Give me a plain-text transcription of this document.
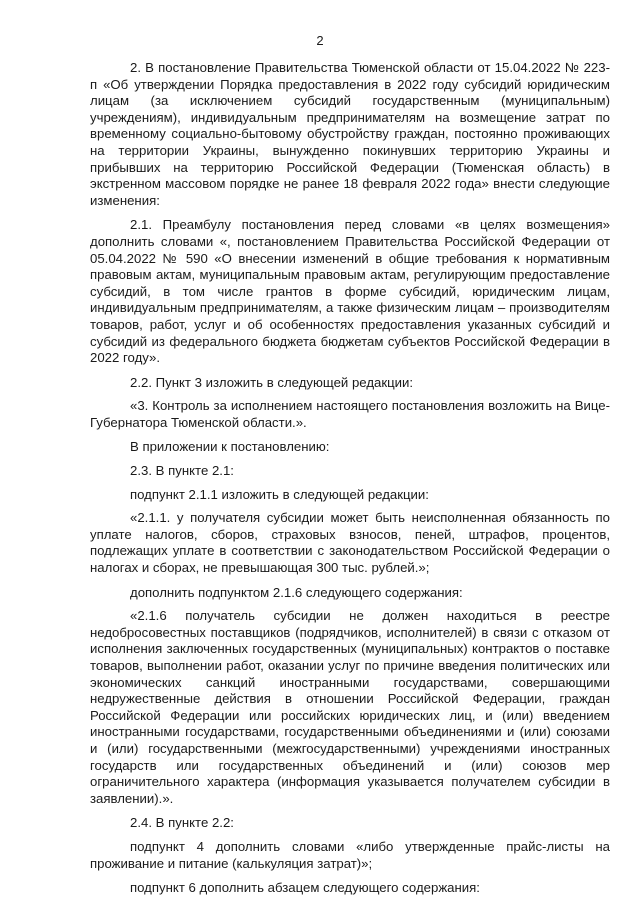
2

2. В постановление Правительства Тюменской области от 15.04.2022 № 223-п «Об утверждении Порядка предоставления в 2022 году субсидий юридическим лицам (за исключением субсидий государственным (муниципальным) учреждениям), индивидуальным предпринимателям на возмещение затрат по временному социально-бытовому обустройству граждан, постоянно проживающих на территории Украины, вынужденно покинувших территорию Украины и прибывших на территорию Российской Федерации (Тюменская область) в экстренном массовом порядке не ранее 18 февраля 2022 года» внести следующие изменения:

2.1. Преамбулу постановления перед словами «в целях возмещения» дополнить словами «, постановлением Правительства Российской Федерации от 05.04.2022 № 590 «О внесении изменений в общие требования к нормативным правовым актам, муниципальным правовым актам, регулирующим предоставление субсидий, в том числе грантов в форме субсидий, юридическим лицам, индивидуальным предпринимателям, а также физическим лицам – производителям товаров, работ, услуг и об особенностях предоставления указанных субсидий и субсидий из федерального бюджета бюджетам субъектов Российской Федерации в 2022 году».

2.2. Пункт 3 изложить в следующей редакции:

«3. Контроль за исполнением настоящего постановления возложить на Вице-Губернатора Тюменской области.».

В приложении к постановлению:

2.3. В пункте 2.1:

подпункт 2.1.1 изложить в следующей редакции:

«2.1.1. у получателя субсидии может быть неисполненная обязанность по уплате налогов, сборов, страховых взносов, пеней, штрафов, процентов, подлежащих уплате в соответствии с законодательством Российской Федерации о налогах и сборах, не превышающая 300 тыс. рублей.»;

дополнить подпунктом 2.1.6 следующего содержания:

«2.1.6 получатель субсидии не должен находиться в реестре недобросовестных поставщиков (подрядчиков, исполнителей) в связи с отказом от исполнения заключенных государственных (муниципальных) контрактов о поставке товаров, выполнении работ, оказании услуг по причине введения политических или экономических санкций иностранными государствами, совершающими недружественные действия в отношении Российской Федерации, граждан Российской Федерации или российских юридических лиц, и (или) введением иностранными государствами, государственными объединениями и (или) союзами и (или) государственными (межгосударственными) учреждениями иностранных государств или государственных объединений и (или) союзов мер ограничительного характера (информация указывается получателем субсидии в заявлении).».

2.4. В пункте 2.2:

подпункт 4 дополнить словами «либо утвержденные прайс-листы на проживание и питание (калькуляция затрат)»;

подпункт 6 дополнить абзацем следующего содержания:
